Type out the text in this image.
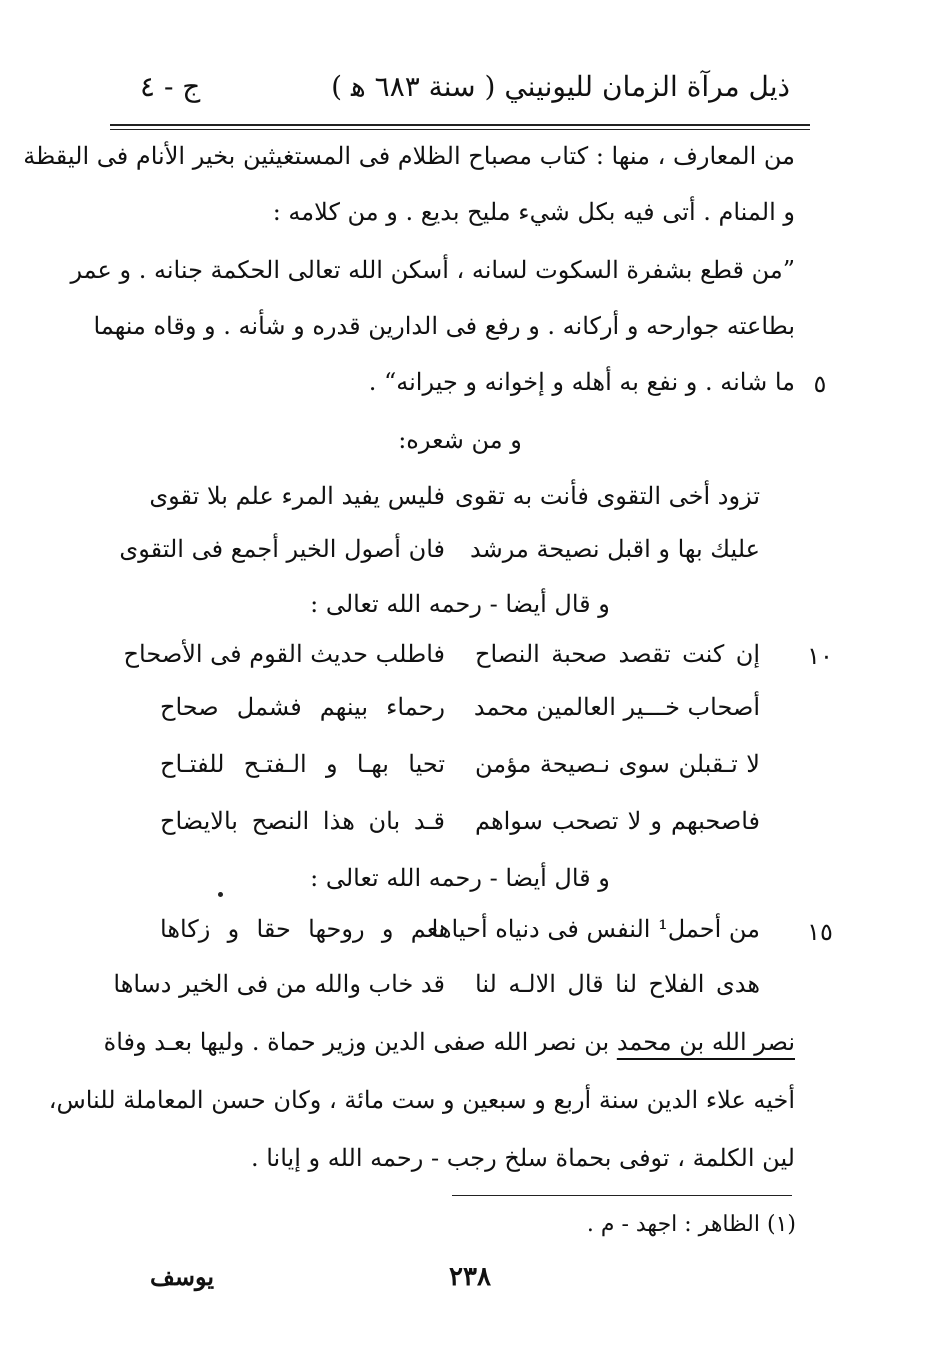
ذيل مرآة الزمان لليونيني ( سنة ٦٨٣ ﻫ )
ج - ٤
من المعارف ، منها : كتاب مصباح الظلام فى المستغيثين بخير الأنام فى اليقظة
و المنام . أتى فيه بكل شيء مليح بديع . و من كلامه :
”من قطع بشفرة السكوت لسانه ، أسكن الله تعالى الحكمة جنانه . و عمر
بطاعته جوارحه و أركانه . و رفع فى الدارين قدره و شأنه . و وقاه منهما
ما شانه . و نفع به أهله و إخوانه و جيرانه“ . ٥
و من شعره:
تزود أخى التقوى فأنت به تقوى
فليس يفيد المرء علم بلا تقوى
عليك بها و اقبل نصيحة مرشد
فان أصول الخير أجمع فى التقوى
و قال أيضا - رحمه الله تعالى :
إن كنت تقصد صحبة النصاح
فاطلب حديث القوم فى الأصحاح	١٠
أصحاب خـــير العالمين محمد
رحماء بينهم فشمل صحاح
لا تـقبلن سوى نـصيحة مؤمن
تحيا بهـا و الـفتـح للفتـاح
فاصحبهم و لا تصحب سواهم
قـد بان هذا النصح بالايضاح
و قال أيضا - رحمه الله تعالى :
من أحمل¹ النفس فى دنياه أحياها
نعم و روحها حقا و زكاها	١٥
هدى الفلاح لنا قال الالـه لنا
قد خاب والله من فى الخير دساها
نصر الله بن محمد بن نصر الله صفى الدين وزير حماة . وليها بعـد وفاة
أخيه علاء الدين سنة أربع و سبعين و ست مائة ، وكان حسن المعاملة للناس،
لين الكلمة ، توفى بحماة سلخ رجب - رحمه الله و إيانا .
(١) الظاهر : اجهد - م .
٢٣٨
يوسف
